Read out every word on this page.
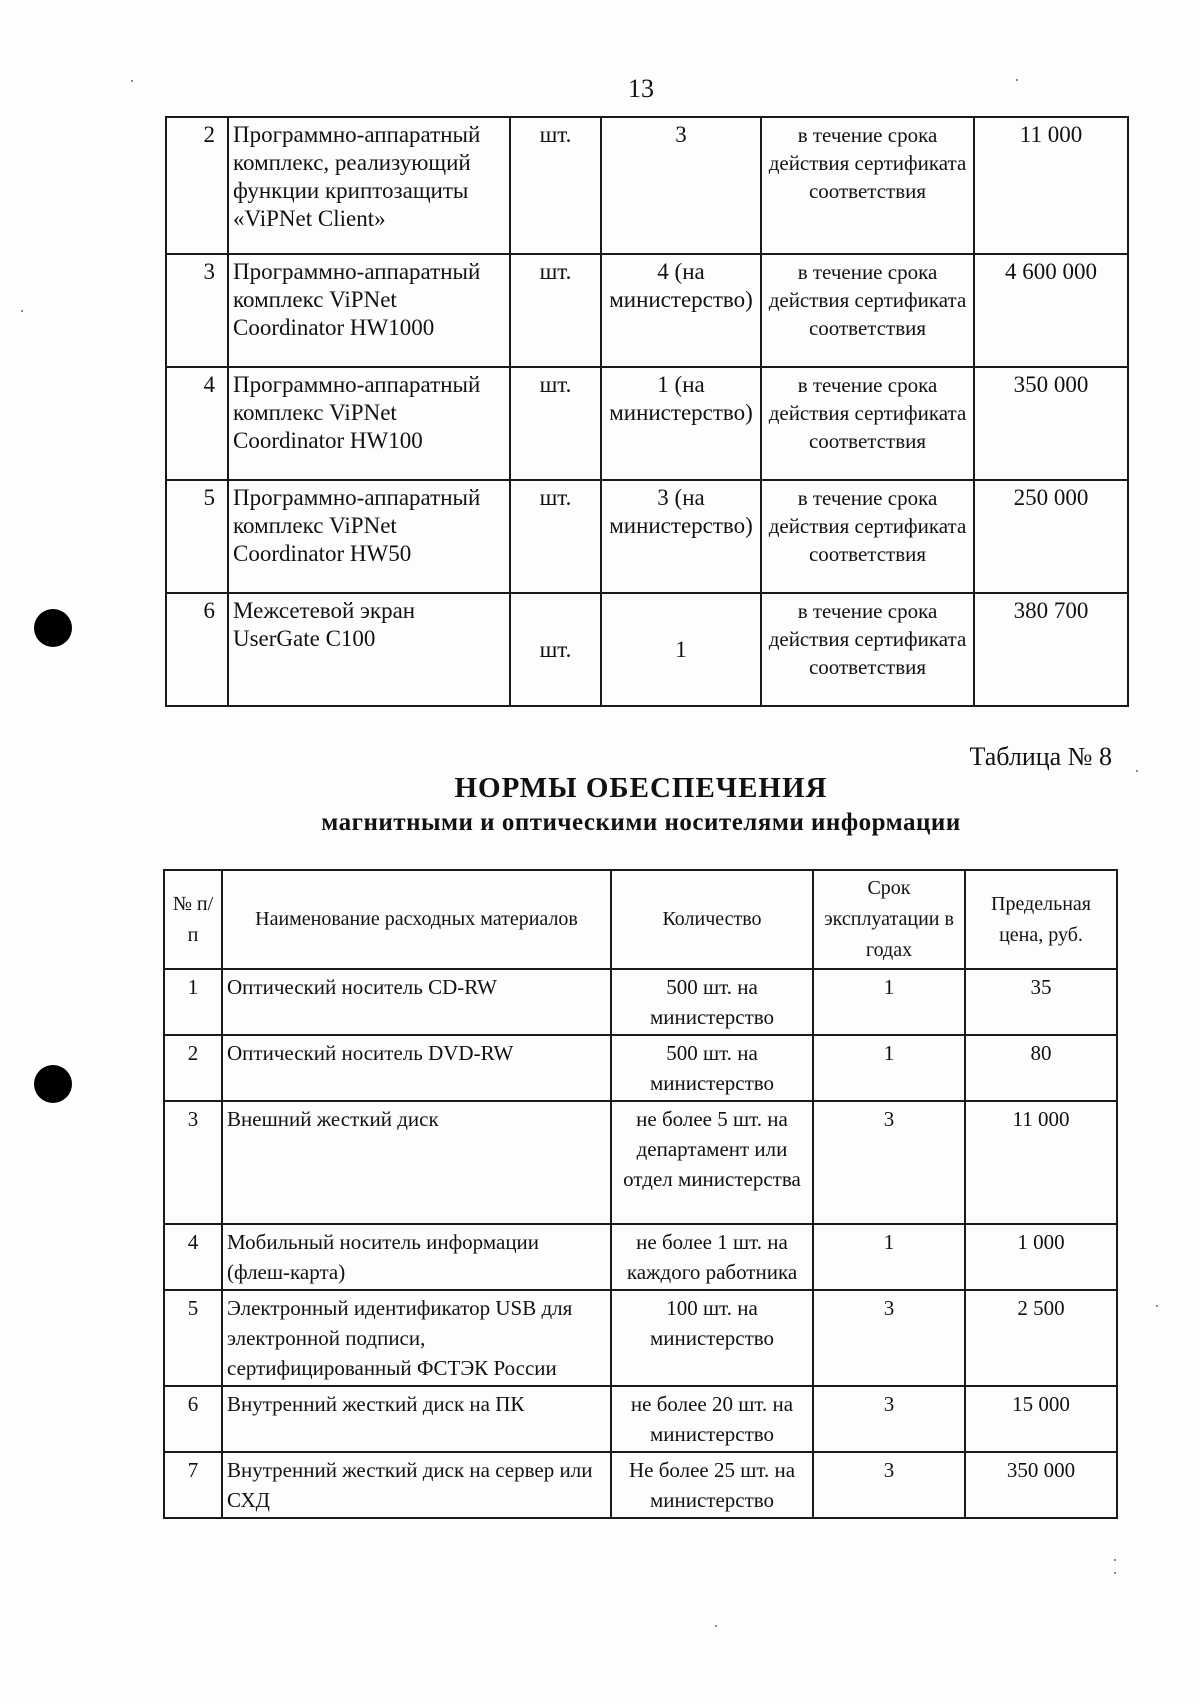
13
2	Программно-аппаратный комплекс, реализующий функции криптозащиты «ViPNet Client»	шт.	3	в течение срока действия сертификата соответствия	11 000
3	Программно-аппаратный комплекс ViPNet Coordinator HW1000	шт.	4 (на министерство)	в течение срока действия сертификата соответствия	4 600 000
4	Программно-аппаратный комплекс ViPNet Coordinator HW100	шт.	1 (на министерство)	в течение срока действия сертификата соответствия	350 000
5	Программно-аппаратный комплекс ViPNet Coordinator HW50	шт.	3 (на министерство)	в течение срока действия сертификата соответствия	250 000
6	Межсетевой экран UserGate C100	шт.	1	в течение срока действия сертификата соответствия	380 700
Таблица № 8
НОРМЫ ОБЕСПЕЧЕНИЯ
магнитными и оптическими носителями информации
№ п/п	Наименование расходных материалов	Количество	Срок эксплуатации в годах	Предельная цена, руб.
1	Оптический носитель CD-RW	500 шт. на министерство	1	35
2	Оптический носитель DVD-RW	500 шт. на министерство	1	80
3	Внешний жесткий диск	не более 5 шт. на департамент или отдел министерства	3	11 000
4	Мобильный носитель информации (флеш-карта)	не более 1 шт. на каждого работника	1	1 000
5	Электронный идентификатор USB для электронной подписи, сертифицированный ФСТЭК России	100 шт. на министерство	3	2 500
6	Внутренний жесткий диск на ПК	не более 20 шт. на министерство	3	15 000
7	Внутренний жесткий диск на сервер или СХД	Не более 25 шт. на министерство	3	350 000
